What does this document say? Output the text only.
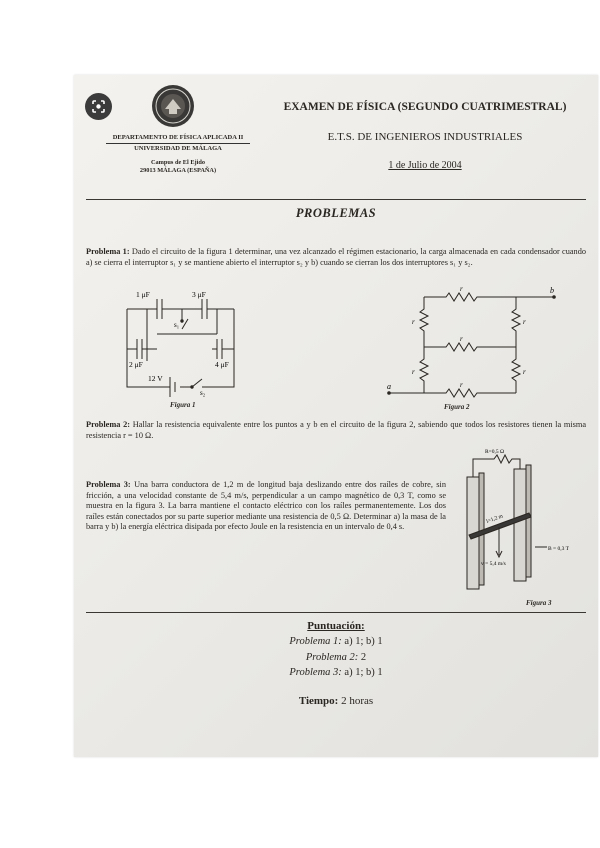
DEPARTAMENTO DE FÍSICA APLICADA II
UNIVERSIDAD DE MÁLAGA
Campus de El Ejido
29013 MÁLAGA (ESPAÑA)
EXAMEN DE FÍSICA (SEGUNDO CUATRIMESTRAL)
E.T.S. DE INGENIEROS INDUSTRIALES
1 de Julio de 2004
PROBLEMAS
Problema 1: Dado el circuito de la figura 1 determinar, una vez alcanzado el régimen estacionario, la carga almacenada en cada condensador cuando a) se cierra el interruptor s₁ y se mantiene abierto el interruptor s₂ y b) cuando se cierran los dos interruptores s₁ y s₂.
1 μF	3 μF
2 μF	4 μF
s₁
s₂
12 V
Figura 1
r
r	r
r
r	r
r
a
b
Figura 2
Problema 2: Hallar la resistencia equivalente entre los puntos a y b en el circuito de la figura 2, sabiendo que todos los resistores tienen la misma resistencia r = 10 Ω.
Problema 3: Una barra conductora de 1,2 m de longitud baja deslizando entre dos raíles de cobre, sin fricción, a una velocidad constante de 5,4 m/s, perpendicular a un campo magnético de 0,3 T, como se muestra en la figura 3. La barra mantiene el contacto eléctrico con los raíles permanentemente. Los dos raíles están conectados por su parte superior mediante una resistencia de 0,5 Ω. Determinar a) la masa de la barra y b) la energía eléctrica disipada por efecto Joule en la resistencia en un intervalo de 0,4 s.
R=0,5 Ω
l=1,2 m
v = 5,4 m/s
B = 0,3 T
Figura 3
Puntuación:
Problema 1: a) 1; b) 1
Problema 2: 2
Problema 3: a) 1; b) 1
Tiempo: 2 horas
